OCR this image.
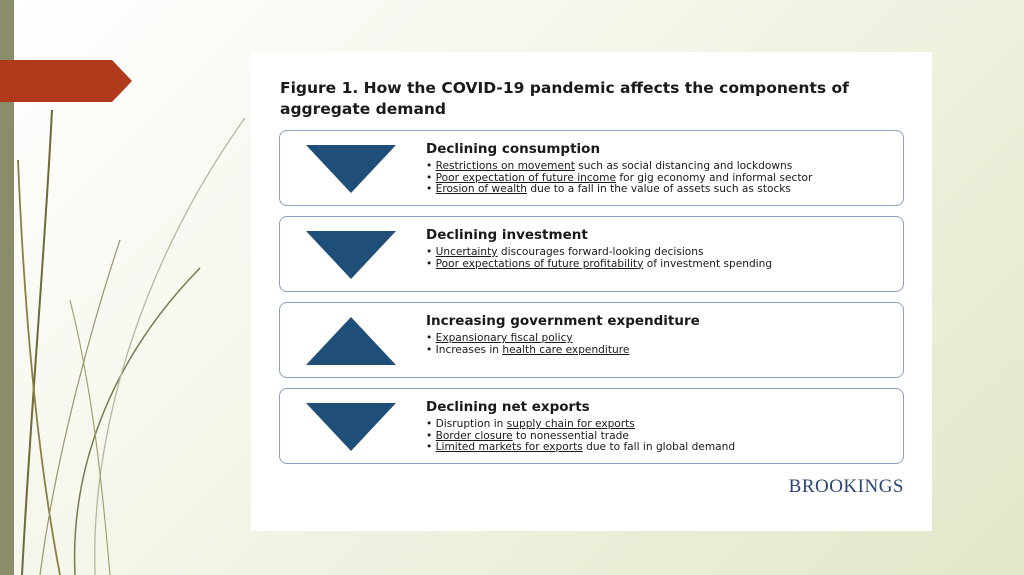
Figure 1. How the COVID-19 pandemic affects the components of aggregate demand

Declining consumption

• Restrictions on movement such as social distancing and lockdowns
• Poor expectation of future income for gig economy and informal sector
• Erosion of wealth due to a fall in the value of assets such as stocks

Declining investment

• Uncertainty discourages forward-looking decisions
• Poor expectations of future profitability of investment spending

Increasing government expenditure

• Expansionary fiscal policy
• Increases in health care expenditure

Declining net exports

• Disruption in supply chain for exports
• Border closure to nonessential trade
• Limited markets for exports due to fall in global demand
BROOKINGS
